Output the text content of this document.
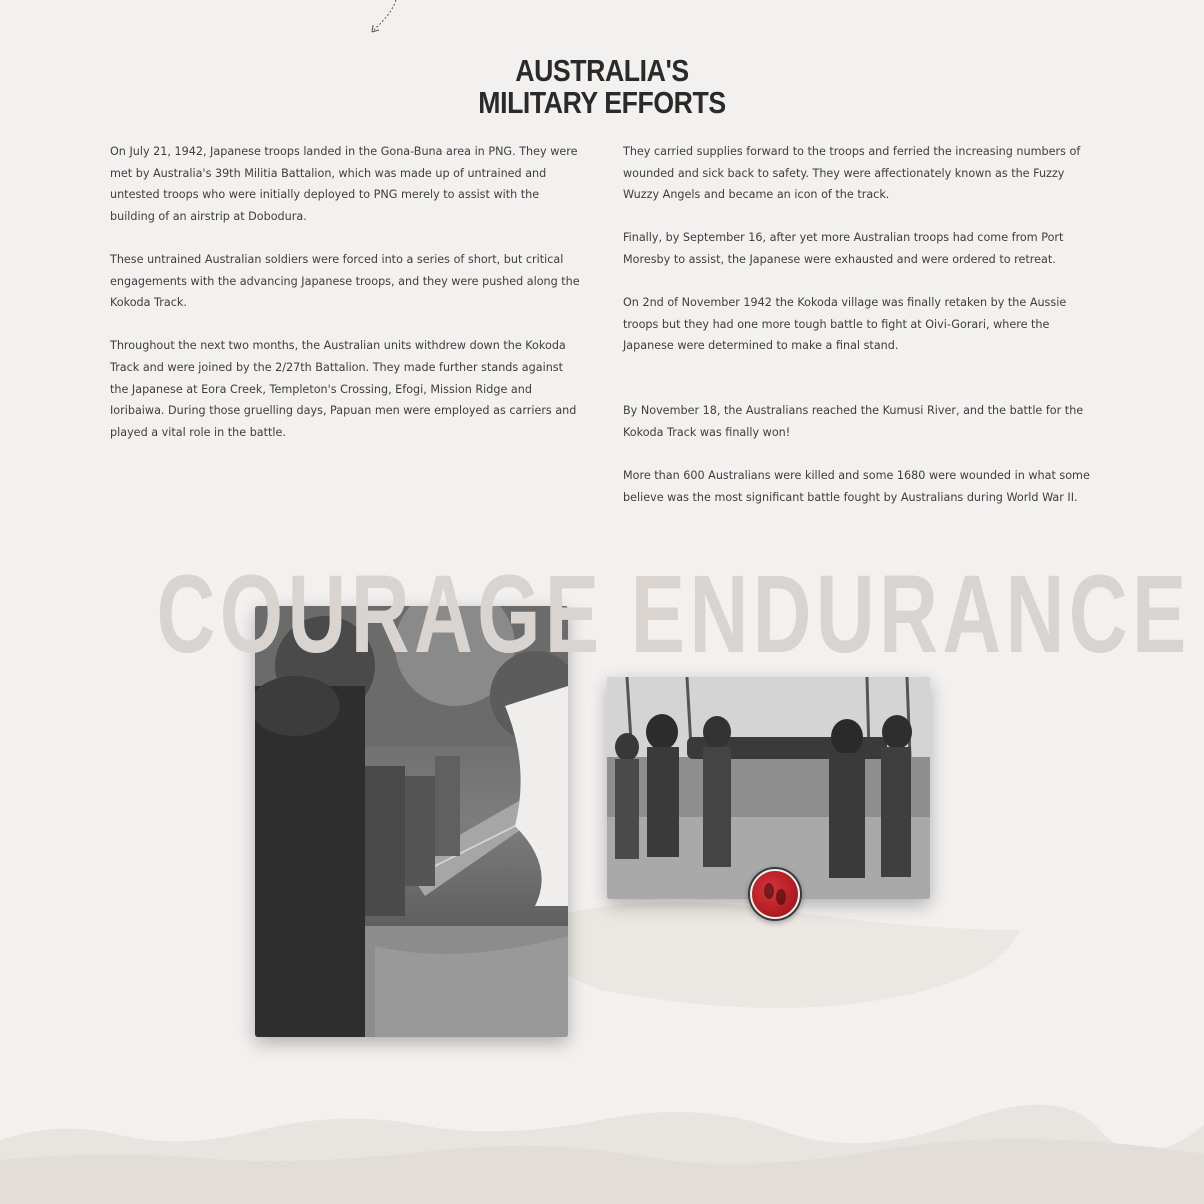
AUSTRALIA'S
MILITARY EFFORTS

On July 21, 1942, Japanese troops landed in the Gona-Buna area in PNG. They were met by Australia's 39th Militia Battalion, which was made up of untrained and untested troops who were initially deployed to PNG merely to assist with the building of an airstrip at Dobodura.

These untrained Australian soldiers were forced into a series of short, but critical engagements with the advancing Japanese troops, and they were pushed along the Kokoda Track.

Throughout the next two months, the Australian units withdrew down the Kokoda Track and were joined by the 2/27th Battalion. They made further stands against the Japanese at Eora Creek, Templeton's Crossing, Efogi, Mission Ridge and Ioribaiwa. During those gruelling days, Papuan men were employed as carriers and played a vital role in the battle.

They carried supplies forward to the troops and ferried the increasing numbers of wounded and sick back to safety. They were affectionately known as the Fuzzy Wuzzy Angels and became an icon of the track.

Finally, by September 16, after yet more Australian troops had come from Port Moresby to assist, the Japanese were exhausted and were ordered to retreat.

On 2nd of November 1942 the Kokoda village was finally retaken by the Aussie troops but they had one more tough battle to fight at Oivi-Gorari, where the Japanese were determined to make a final stand.

By November 18, the Australians reached the Kumusi River, and the battle for the Kokoda Track was finally won!

More than 600 Australians were killed and some 1680 were wounded in what some believe was the most significant battle fought by Australians during World War II.

COURAGE ENDURANCE
